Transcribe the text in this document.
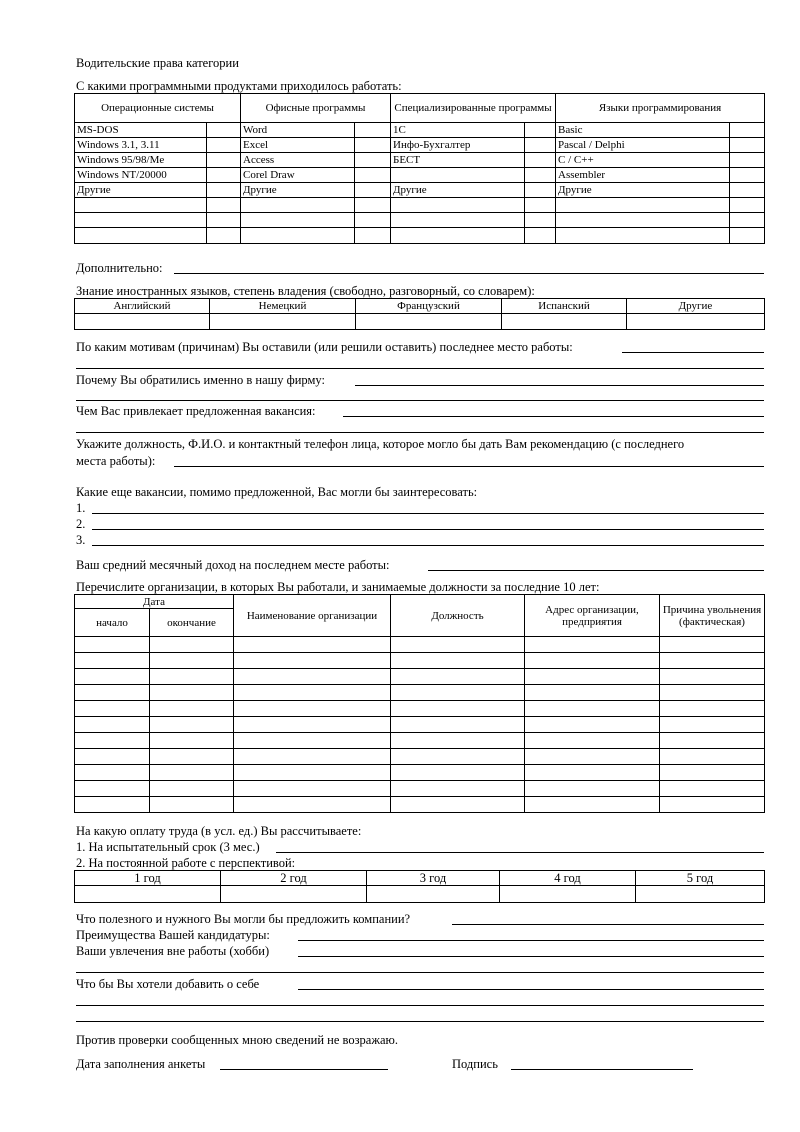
Водительские права категории
С какими программными продуктами приходилось работать:
Операционные системы		Офисные программы		Специализированные программы		Языки программирования	
MS-DOS		Word		1С		Basic	
Windows 3.1, 3.11		Excel		Инфо-Бухгалтер		Pascal / Delphi	
Windows 95/98/Me		Access		БЕСТ		C / C++	
Windows NT/20000		Corel Draw				Assembler	
Другие		Другие		Другие		Другие	

Дополнительно:
Знание иностранных языков, степень владения (свободно, разговорный, со словарем):
Английский	Немецкий	Французский	Испанский	Другие

По каким мотивам (причинам) Вы оставили (или решили оставить) последнее место работы:
Почему Вы обратились именно в нашу фирму:
Чем Вас привлекает предложенная вакансия:
Укажите должность, Ф.И.О. и контактный телефон лица, которое могло бы дать Вам рекомендацию (с последнего
места работы):
Какие еще вакансии, помимо предложенной, Вас могли бы заинтересовать:
1.
2.
3.
Ваш средний месячный доход на последнем месте работы:
Перечислите организации, в которых Вы работали, и занимаемые должности за последние 10 лет:
Дата		Наименование организации	Должность	Адрес организации, предприятия	Причина увольнения (фактическая)
начало	окончание				

На какую оплату труда (в усл. ед.) Вы рассчитываете:
1. На испытательный срок (3 мес.)
2. На постоянной работе с перспективой:
1 год	2 год	3 год	4 год	5 год

Что полезного и нужного Вы могли бы предложить компании?
Преимущества Вашей кандидатуры:
Ваши увлечения вне работы (хобби)
Что бы Вы хотели добавить о себе
Против проверки сообщенных мною сведений не возражаю.
Дата заполнения анкеты	Подпись
